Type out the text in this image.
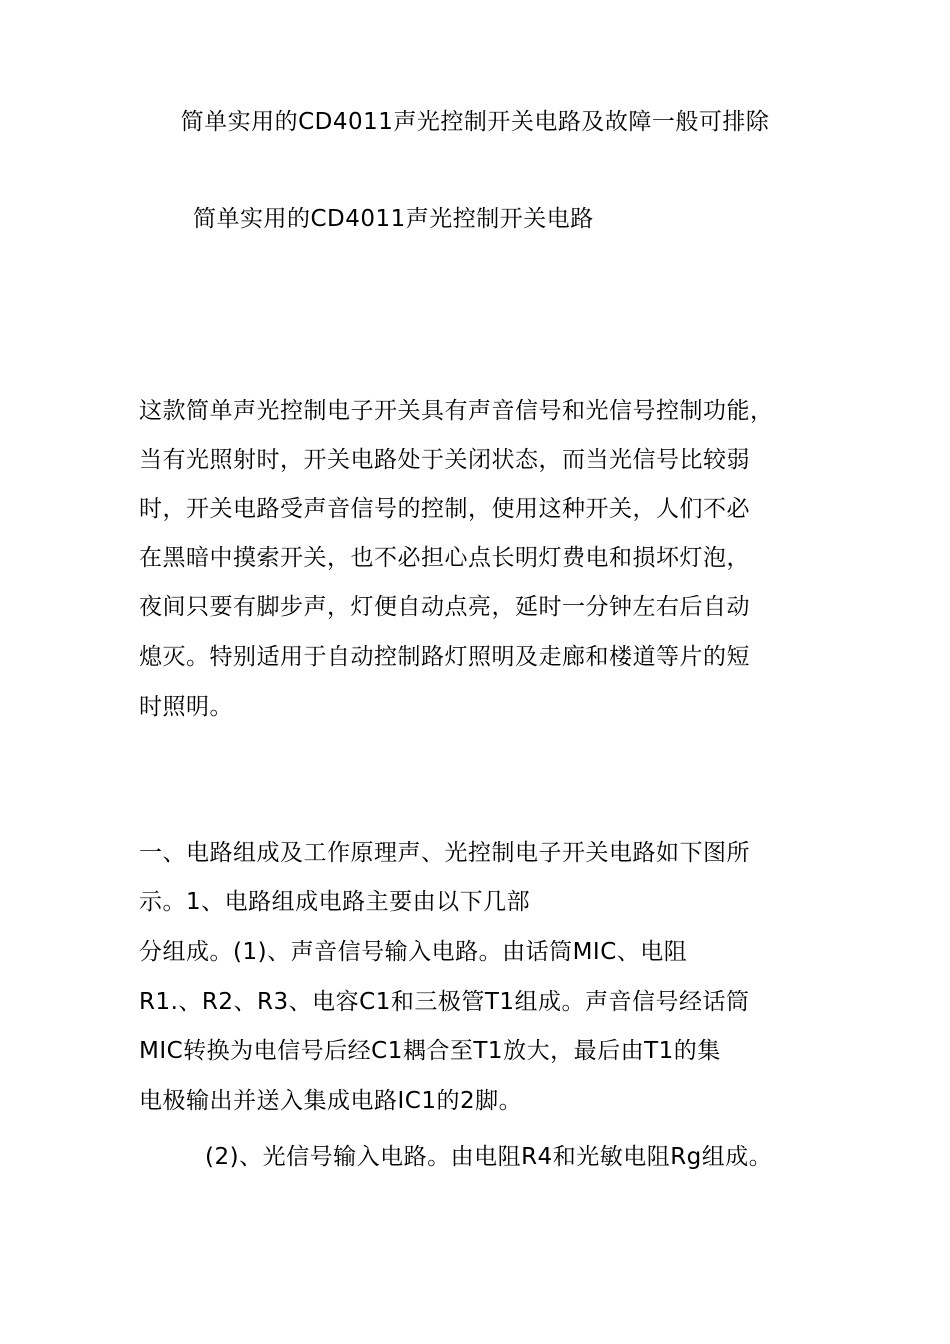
简单实用的CD4011声光控制开关电路及故障一般可排除
简单实用的CD4011声光控制开关电路
这款简单声光控制电子开关具有声音信号和光信号控制功能，
当有光照射时，开关电路处于关闭状态，而当光信号比较弱
时，开关电路受声音信号的控制，使用这种开关，人们不必
在黑暗中摸索开关，也不必担心点长明灯费电和损坏灯泡，
夜间只要有脚步声，灯便自动点亮，延时一分钟左右后自动
熄灭。特别适用于自动控制路灯照明及走廊和楼道等片的短
时照明。
一、电路组成及工作原理声、光控制电子开关电路如下图所
示。1、电路组成电路主要由以下几部
分组成。(1)、声音信号输入电路。由话筒MIC、电阻
R1.、R2、R3、电容C1和三极管T1组成。声音信号经话筒
MIC转换为电信号后经C1耦合至T1放大，最后由T1的集
电极输出并送入集成电路IC1的2脚。
(2)、光信号输入电路。由电阻R4和光敏电阻Rg组成。
